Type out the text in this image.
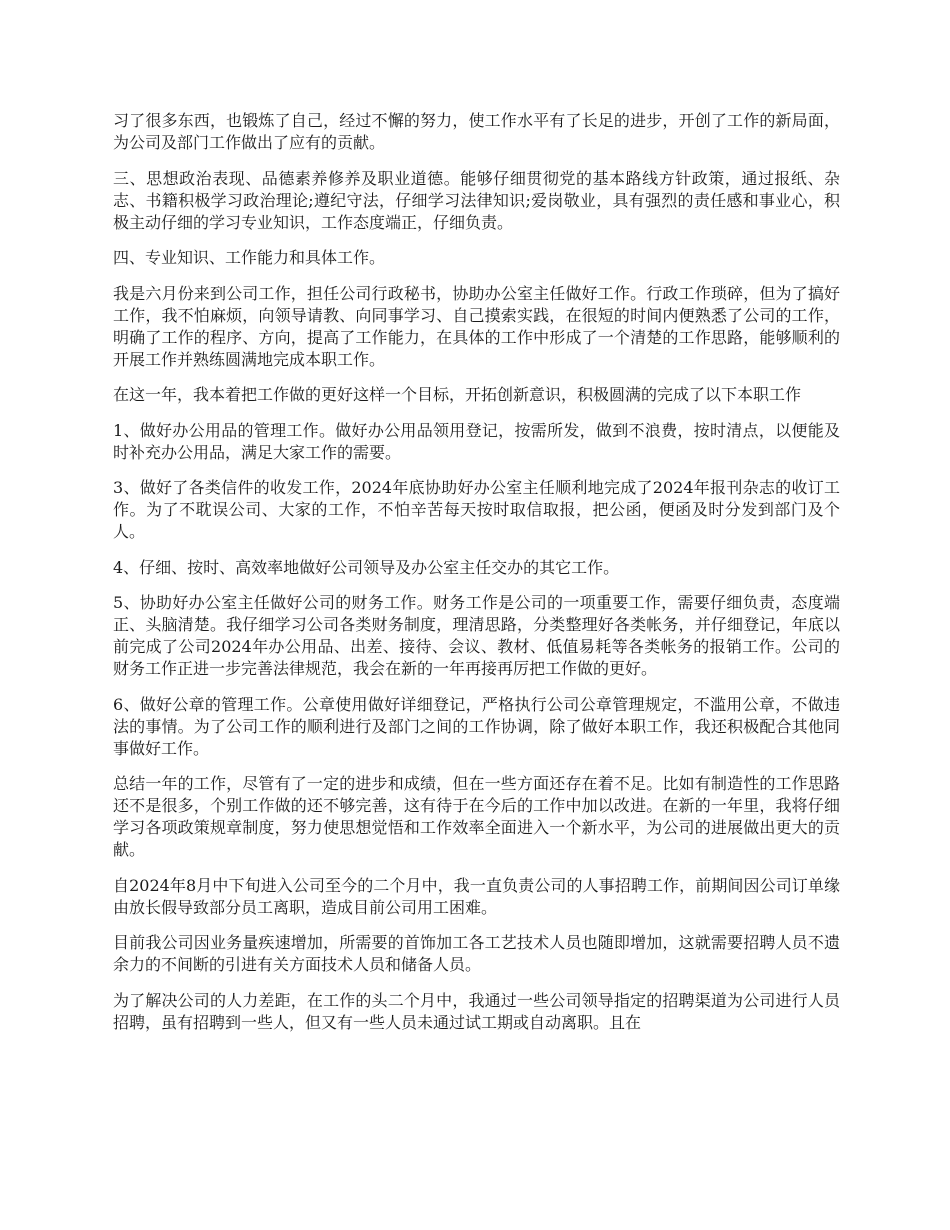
习了很多东西，也锻炼了自己，经过不懈的努力，使工作水平有了长足的进步，开创了工作的新局面，为公司及部门工作做出了应有的贡献。

三、思想政治表现、品德素养修养及职业道德。能够仔细贯彻党的基本路线方针政策，通过报纸、杂志、书籍积极学习政治理论;遵纪守法，仔细学习法律知识;爱岗敬业，具有强烈的责任感和事业心，积极主动仔细的学习专业知识，工作态度端正，仔细负责。

四、专业知识、工作能力和具体工作。

我是六月份来到公司工作，担任公司行政秘书，协助办公室主任做好工作。行政工作琐碎，但为了搞好工作，我不怕麻烦，向领导请教、向同事学习、自己摸索实践，在很短的时间内便熟悉了公司的工作，明确了工作的程序、方向，提高了工作能力，在具体的工作中形成了一个清楚的工作思路，能够顺利的开展工作并熟练圆满地完成本职工作。

在这一年，我本着把工作做的更好这样一个目标，开拓创新意识，积极圆满的完成了以下本职工作

1、做好办公用品的管理工作。做好办公用品领用登记，按需所发，做到不浪费，按时清点，以便能及时补充办公用品，满足大家工作的需要。

3、做好了各类信件的收发工作，2024年底协助好办公室主任顺利地完成了2024年报刊杂志的收订工作。为了不耽误公司、大家的工作，不怕辛苦每天按时取信取报，把公函，便函及时分发到部门及个人。

4、仔细、按时、高效率地做好公司领导及办公室主任交办的其它工作。

5、协助好办公室主任做好公司的财务工作。财务工作是公司的一项重要工作，需要仔细负责，态度端正、头脑清楚。我仔细学习公司各类财务制度，理清思路，分类整理好各类帐务，并仔细登记，年底以前完成了公司2024年办公用品、出差、接待、会议、教材、低值易耗等各类帐务的报销工作。公司的财务工作正进一步完善法律规范，我会在新的一年再接再厉把工作做的更好。

6、做好公章的管理工作。公章使用做好详细登记，严格执行公司公章管理规定，不滥用公章，不做违法的事情。为了公司工作的顺利进行及部门之间的工作协调，除了做好本职工作，我还积极配合其他同事做好工作。

总结一年的工作，尽管有了一定的进步和成绩，但在一些方面还存在着不足。比如有制造性的工作思路还不是很多，个别工作做的还不够完善，这有待于在今后的工作中加以改进。在新的一年里，我将仔细学习各项政策规章制度，努力使思想觉悟和工作效率全面进入一个新水平，为公司的进展做出更大的贡献。

自2024年8月中下旬进入公司至今的二个月中，我一直负责公司的人事招聘工作，前期间因公司订单缘由放长假导致部分员工离职，造成目前公司用工困难。

目前我公司因业务量疾速增加，所需要的首饰加工各工艺技术人员也随即增加，这就需要招聘人员不遗余力的不间断的引进有关方面技术人员和储备人员。

为了解决公司的人力差距，在工作的头二个月中，我通过一些公司领导指定的招聘渠道为公司进行人员招聘，虽有招聘到一些人，但又有一些人员未通过试工期或自动离职。且在
